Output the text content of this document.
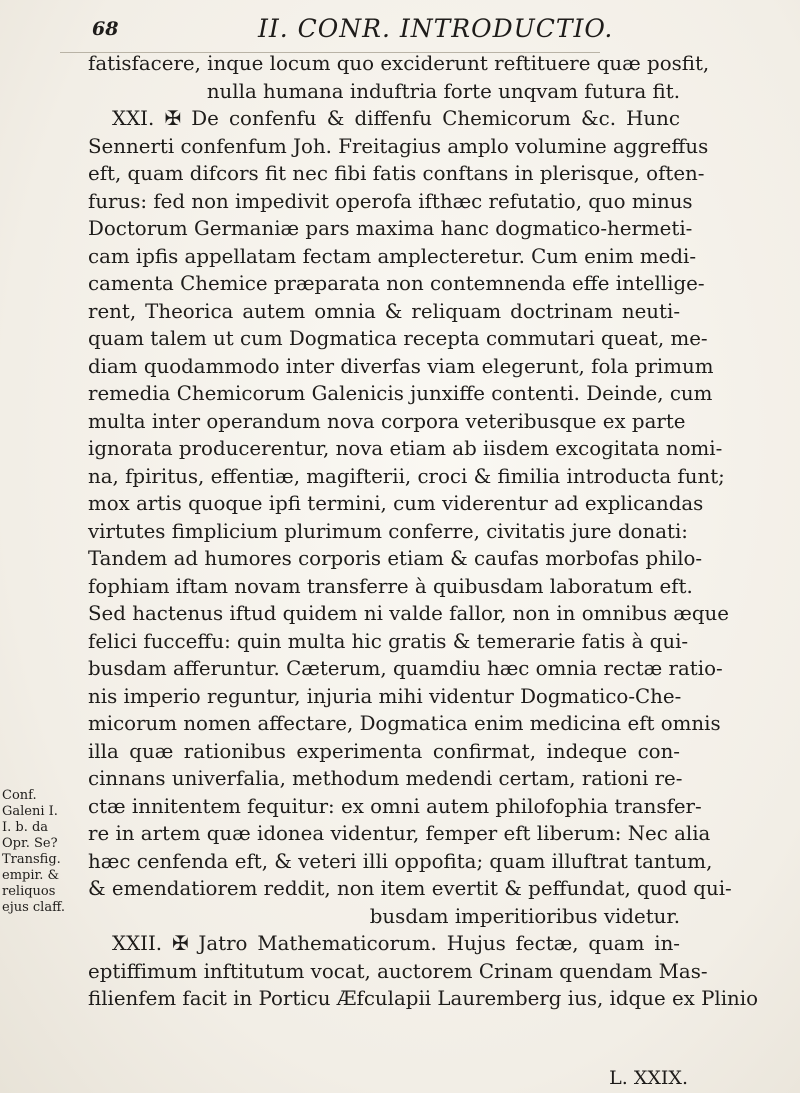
68	II. CONR. INTRODUCTIO.
fatisfacere, inque locum quo exciderunt reftituere quæ posfit,
nulla humana induftria forte unqvam futura fit.
XXI. ✠ De confenfu & diffenfu Chemicorum &c. Hunc
Sennerti confenfum Joh. Freitagius amplo volumine aggreffus
eft, quam difcors fit nec fibi fatis conftans in plerisque, often-
furus: fed non impedivit operofa ifthæc refutatio, quo minus
Doctorum Germaniæ pars maxima hanc dogmatico-hermeti-
cam ipfis appellatam fectam amplecteretur. Cum enim medi-
camenta Chemice præparata non contemnenda effe intellige-
rent, Theorica autem omnia & reliquam doctrinam neuti-
quam talem ut cum Dogmatica recepta commutari queat, me-
diam quodammodo inter diverfas viam elegerunt, fola primum
remedia Chemicorum Galenicis junxiffe contenti. Deinde, cum
multa inter operandum nova corpora veteribusque ex parte
ignorata producerentur, nova etiam ab iisdem excogitata nomi-
na, fpiritus, effentiæ, magifterii, croci & fimilia introducta funt;
mox artis quoque ipfi termini, cum viderentur ad explicandas
virtutes fimplicium plurimum conferre, civitatis jure donati:
Tandem ad humores corporis etiam & caufas morbofas philo-
fophiam iftam novam transferre à quibusdam laboratum eft.
Sed hactenus iftud quidem ni valde fallor, non in omnibus æque
felici fucceffu: quin multa hic gratis & temerarie fatis à qui-
busdam afferuntur. Cæterum, quamdiu hæc omnia rectæ ratio-
nis imperio reguntur, injuria mihi videntur Dogmatico-Che-
micorum nomen affectare, Dogmatica enim medicina eft omnis
illa quæ rationibus experimenta confirmat, indeque con-
cinnans univerfalia, methodum medendi certam, rationi re-
ctæ innitentem fequitur: ex omni autem philofophia transfer-
re in artem quæ idonea videntur, femper eft liberum: Nec alia
hæc cenfenda eft, & veteri illi oppofita; quam illuftrat tantum,
& emendatiorem reddit, non item evertit & peffundat, quod qui-
busdam imperitioribus videtur.
XXII. ✠ Jatro Mathematicorum. Hujus fectæ, quam in-
eptiffimum inftitutum vocat, auctorem Crinam quendam Mas-
filienfem facit in Porticu Æfculapii Lauremberg ius, idque ex Plinio
Conf.
Galeni I.
I. b. da
Opr. Se?
Transfig.
empir. &
reliquos
ejus claff.
L. XXIX.
